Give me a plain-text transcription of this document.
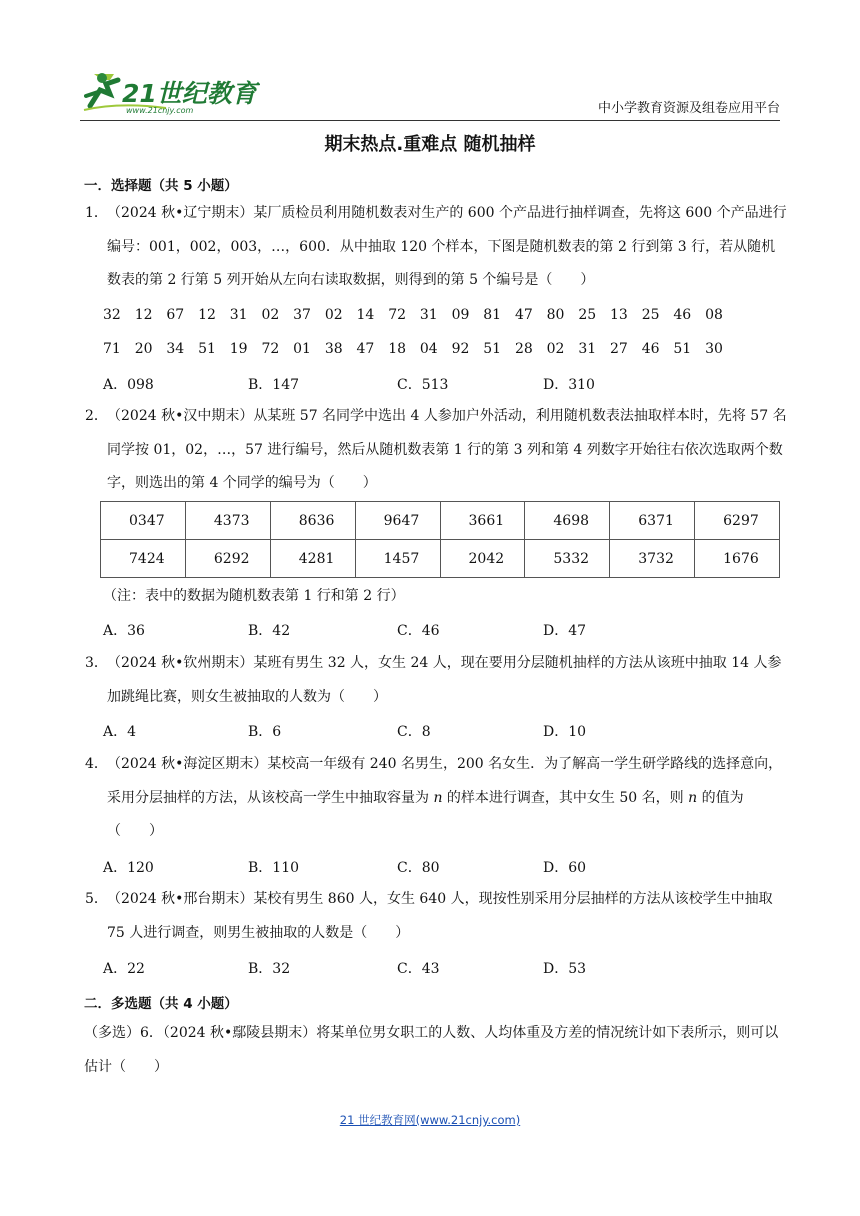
21世纪教育
www.21cnjy.com	中小学教育资源及组卷应用平台
期末热点.重难点 随机抽样
一．选择题（共 5 小题）
1． （2024 秋•辽宁期末）某厂质检员利用随机数表对生产的 600 个产品进行抽样调查，先将这 600 个产品进行编号：001，002，003，…，600．从中抽取 120 个样本，下图是随机数表的第 2 行到第 3 行，若从随机数表的第 2 行第 5 列开始从左向右读取数据，则得到的第 5 个编号是（　　）
32 12 67 12 31 02 37 02 14 72 31 09 81 47 80 25 13 25 46 08
71 20 34 51 19 72 01 38 47 18 04 92 51 28 02 31 27 46 51 30
A．098	B．147	C．513	D．310
2． （2024 秋•汉中期末）从某班 57 名同学中选出 4 人参加户外活动，利用随机数表法抽取样本时，先将 57 名同学按 01，02，…，57 进行编号，然后从随机数表第 1 行的第 3 列和第 4 列数字开始往右依次选取两个数字，则选出的第 4 个同学的编号为（　　）
0347	4373	8636	9647	3661	4698	6371	6297
7424	6292	4281	1457	2042	5332	3732	1676
（注：表中的数据为随机数表第 1 行和第 2 行）
A．36	B．42	C．46	D．47
3． （2024 秋•钦州期末）某班有男生 32 人，女生 24 人，现在要用分层随机抽样的方法从该班中抽取 14 人参加跳绳比赛，则女生被抽取的人数为（　　）
A．4	B．6	C．8	D．10
4． （2024 秋•海淀区期末）某校高一年级有 240 名男生，200 名女生．为了解高一学生研学路线的选择意向，采用分层抽样的方法，从该校高一学生中抽取容量为 n 的样本进行调查，其中女生 50 名，则 n 的值为（　　）
A．120	B．110	C．80	D．60
5． （2024 秋•邢台期末）某校有男生 860 人，女生 640 人，现按性别采用分层抽样的方法从该校学生中抽取 75 人进行调查，则男生被抽取的人数是（　　）
A．22	B．32	C．43	D．53
二．多选题（共 4 小题）
（多选）6．（2024 秋•鄢陵县期末）将某单位男女职工的人数、人均体重及方差的情况统计如下表所示，则可以估计（　　）
21 世纪教育网(www.21cnjy.com)
